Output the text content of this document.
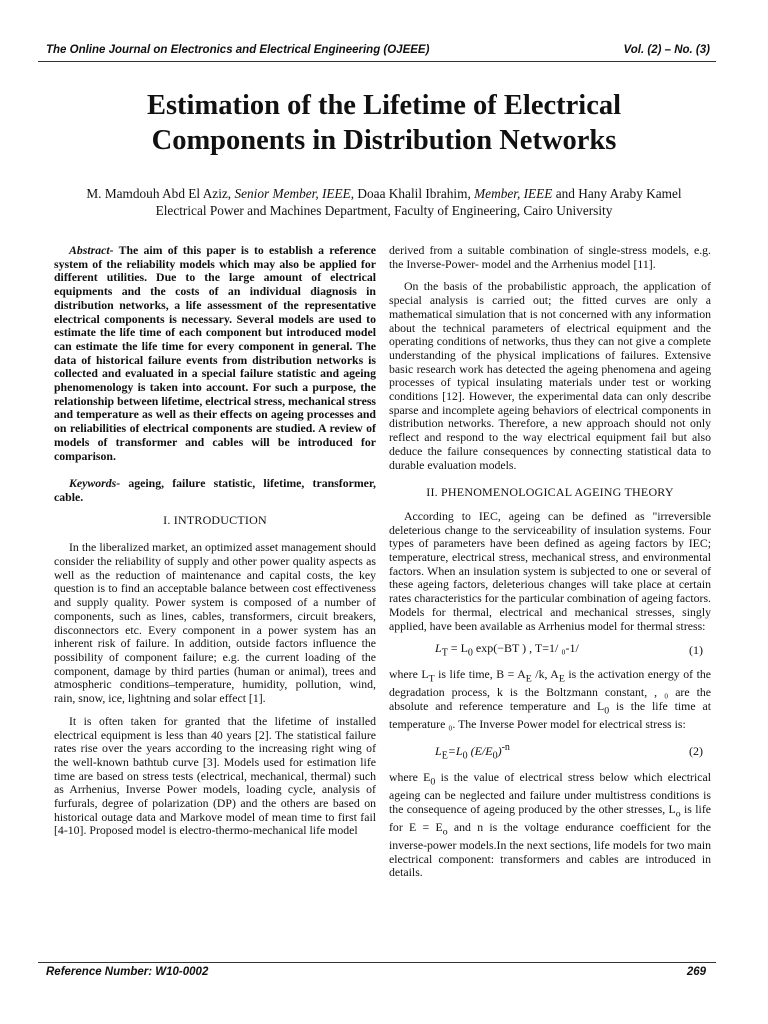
The Online Journal on Electronics and Electrical Engineering (OJEEE)	Vol. (2) – No. (3)
Estimation of the Lifetime of Electrical
Components in Distribution Networks
M. Mamdouh Abd El Aziz, Senior Member, IEEE, Doaa Khalil Ibrahim, Member, IEEE and Hany Araby Kamel
Electrical Power and Machines Department, Faculty of Engineering, Cairo University

Abstract- The aim of this paper is to establish a reference system of the reliability models which may also be applied for different utilities. Due to the large amount of electrical equipments and the costs of an individual diagnosis in distribution networks, a life assessment of the representative electrical components is necessary. Several models are used to estimate the life time of each component but introduced model can estimate the life time for every component in general. The data of historical failure events from distribution networks is collected and evaluated in a special failure statistic and ageing phenomenology is taken into account. For such a purpose, the relationship between lifetime, electrical stress, mechanical stress and temperature as well as their effects on ageing processes and on reliabilities of electrical components are studied. A review of models of transformer and cables will be introduced for comparison.

Keywords- ageing, failure statistic, lifetime, transformer, cable.

I. INTRODUCTION

In the liberalized market, an optimized asset management should consider the reliability of supply and other power quality aspects as well as the reduction of maintenance and capital costs, the key question is to find an acceptable balance between cost effectiveness and supply quality. Power system is composed of a number of components, such as lines, cables, transformers, circuit breakers, disconnectors etc. Every component in a power system has an inherent risk of failure. In addition, outside factors influence the possibility of component failure; e.g. the current loading of the component, damage by third parties (human or animal), trees and atmospheric conditions–temperature, humidity, pollution, wind, rain, snow, ice, lightning and solar effect [1].

It is often taken for granted that the lifetime of installed electrical equipment is less than 40 years [2]. The statistical failure rates rise over the years according to the increasing right wing of the well-known bathtub curve [3]. Models used for estimation life time are based on stress tests (electrical, mechanical, thermal) such as Arrhenius, Inverse Power models, loading cycle, analysis of furfurals, degree of polarization (DP) and the others are based on historical outage data and Markove model of mean time to first fail [4-10]. Proposed model is electro-thermo-mechanical life model

derived from a suitable combination of single-stress models, e.g. the Inverse-Power- model and the Arrhenius model [11].

On the basis of the probabilistic approach, the application of special analysis is carried out; the fitted curves are only a mathematical simulation that is not concerned with any information about the technical parameters of electrical equipment and the operating conditions of networks, thus they can not give a complete understanding of the physical implications of failures. Extensive basic research work has detected the ageing phenomena and ageing processes of typical insulating materials under test or working conditions [12]. However, the experimental data can only describe sparse and incomplete ageing behaviors of electrical components in distribution networks. Therefore, a new approach should not only reflect and respond to the way electrical equipment fail but also deduce the failure consequences by connecting statistical data to durable evaluation models.

II. PHENOMENOLOGICAL AGEING THEORY

According to IEC, ageing can be defined as "irreversible deleterious change to the serviceability of insulation systems. Four types of parameters have been defined as ageing factors by IEC; temperature, electrical stress, mechanical stress, and environmental factors. When an insulation system is subjected to one or several of these ageing factors, deleterious changes will take place at certain rates characteristics for the particular combination of ageing factors. Models for thermal, electrical and mechanical stresses, singly applied, have been available as Arrhenius model for thermal stress:

$L_T = L_0$ exp(−BT ) , T=1/ ₀-1/	(1)

where $L_T$ is life time, $B = A_E$ /k, $A_E$ is the activation energy of the degradation process, k is the Boltzmann constant, , ₀ are the absolute and reference temperature and $L_0$ is the life time at temperature ₀. The Inverse Power model for electrical stress is:

$L_E=L_0$ $(E/E_0)^{-n}$	(2)

where $E_0$ is the value of electrical stress below which electrical ageing can be neglected and failure under multistress conditions is the consequence of ageing produced by the other stresses, $L_o$ is life for $E = E_o$ and n is the voltage endurance coefficient for the inverse-power models.In the next sections, life models for two main electrical component: transformers and cables are introduced in details.

Reference Number: W10-0002	269
